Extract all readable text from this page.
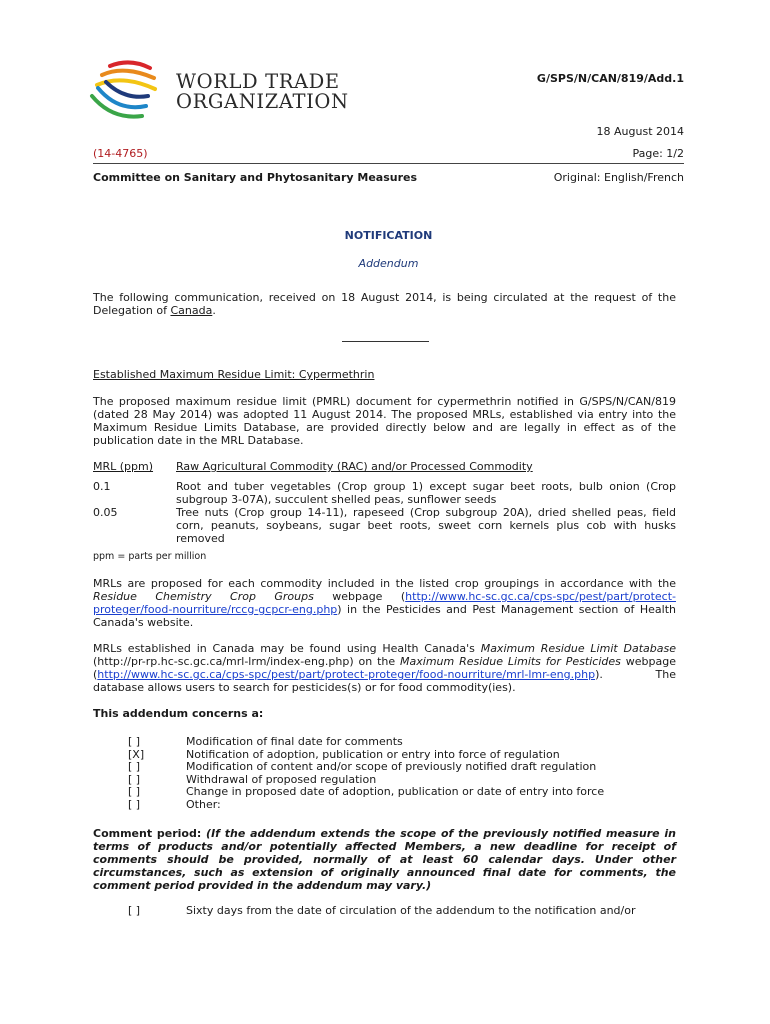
WORLD TRADE
ORGANIZATION
G/SPS/N/CAN/819/Add.1
18 August 2014
(14-4765)	Page: 1/2
Committee on Sanitary and Phytosanitary Measures	Original: English/French
NOTIFICATION
Addendum
The following communication, received on 18 August 2014, is being circulated at the request of the Delegation of Canada.
Established Maximum Residue Limit: Cypermethrin
The proposed maximum residue limit (PMRL) document for cypermethrin notified in G/SPS/N/CAN/819 (dated 28 May 2014) was adopted 11 August 2014. The proposed MRLs, established via entry into the Maximum Residue Limits Database, are provided directly below and are legally in effect as of the publication date in the MRL Database.
MRL (ppm) Raw Agricultural Commodity (RAC) and/or Processed Commodity
0.1	Root and tuber vegetables (Crop group 1) except sugar beet roots, bulb onion (Crop subgroup 3-07A), succulent shelled peas, sunflower seeds
0.05	Tree nuts (Crop group 14-11), rapeseed (Crop subgroup 20A), dried shelled peas, field corn, peanuts, soybeans, sugar beet roots, sweet corn kernels plus cob with husks removed
ppm = parts per million
MRLs are proposed for each commodity included in the listed crop groupings in accordance with the Residue Chemistry Crop Groups webpage (http://www.hc-sc.gc.ca/cps-spc/pest/part/protect-proteger/food-nourriture/rccg-gcpcr-eng.php) in the Pesticides and Pest Management section of Health Canada's website.
MRLs established in Canada may be found using Health Canada's Maximum Residue Limit Database (http://pr-rp.hc-sc.gc.ca/mrl-lrm/index-eng.php) on the Maximum Residue Limits for Pesticides webpage (http://www.hc-sc.gc.ca/cps-spc/pest/part/protect-proteger/food-nourriture/mrl-lmr-eng.php). The database allows users to search for pesticides(s) or for food commodity(ies).
This addendum concerns a:
[ ]	Modification of final date for comments
[X]	Notification of adoption, publication or entry into force of regulation
[ ]	Modification of content and/or scope of previously notified draft regulation
[ ]	Withdrawal of proposed regulation
[ ]	Change in proposed date of adoption, publication or date of entry into force
[ ]	Other:
Comment period: (If the addendum extends the scope of the previously notified measure in terms of products and/or potentially affected Members, a new deadline for receipt of comments should be provided, normally of at least 60 calendar days. Under other circumstances, such as extension of originally announced final date for comments, the comment period provided in the addendum may vary.)
[ ]	Sixty days from the date of circulation of the addendum to the notification and/or
